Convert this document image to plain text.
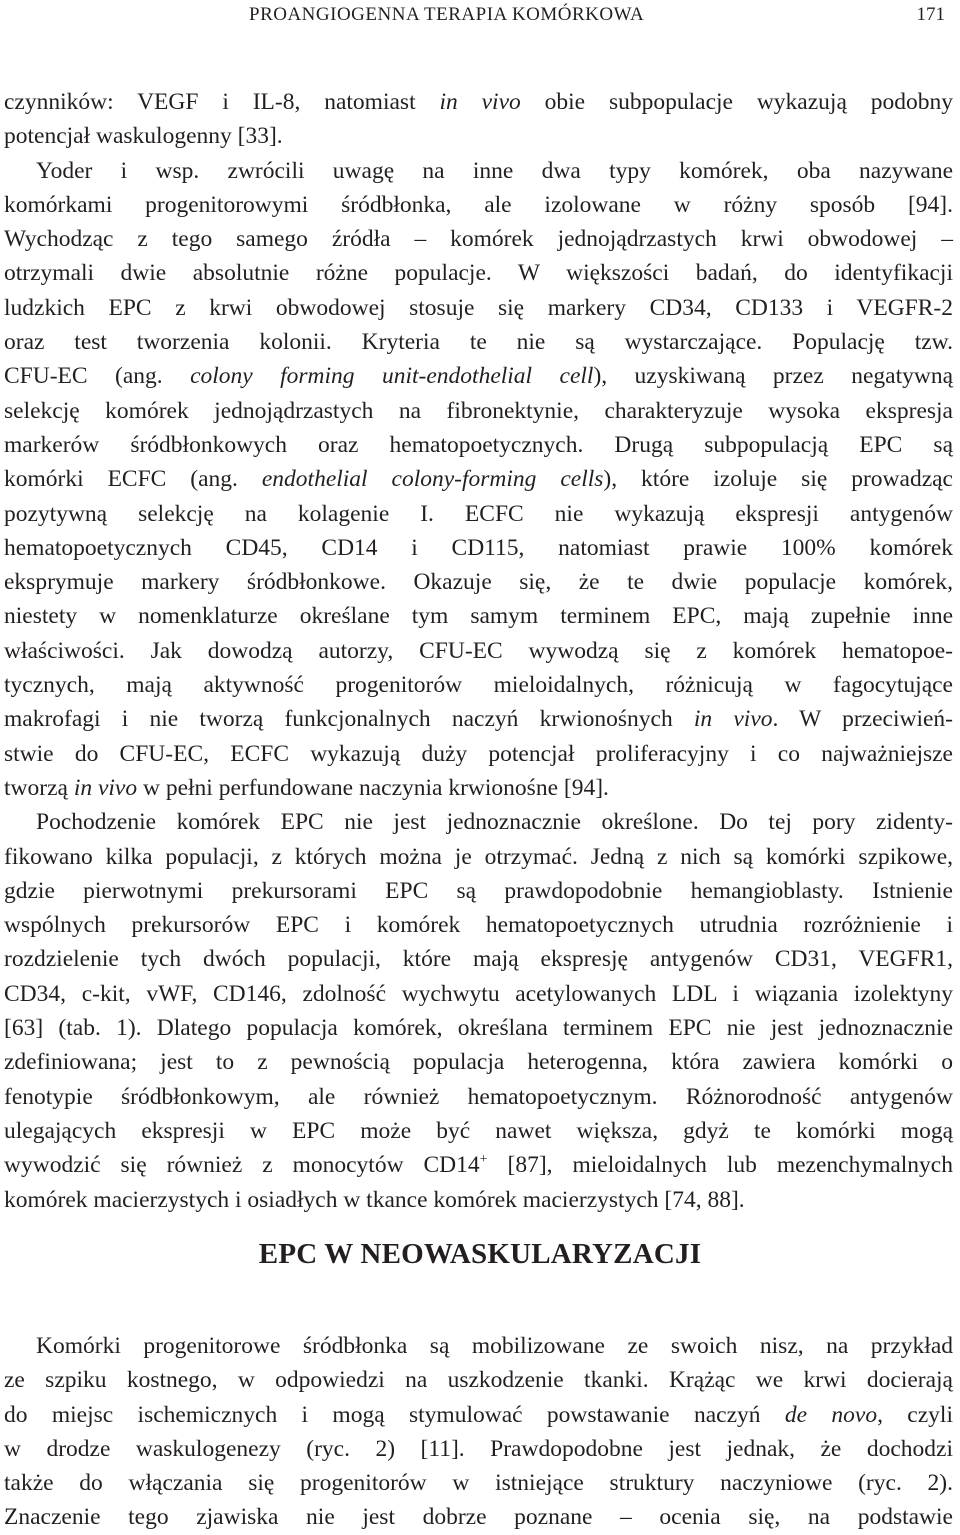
PROANGIOGENNA TERAPIA KOMÓRKOWA	171
czynników: VEGF i IL-8, natomiast in vivo obie subpopulacje wykazują podobny
potencjał waskulogenny [33].
Yoder i wsp. zwrócili uwagę na inne dwa typy komórek, oba nazywane
komórkami progenitorowymi śródbłonka, ale izolowane w różny sposób [94].
Wychodząc z tego samego źródła – komórek jednojądrzastych krwi obwodowej –
otrzymali dwie absolutnie różne populacje. W większości badań, do identyfikacji
ludzkich EPC z krwi obwodowej stosuje się markery CD34, CD133 i VEGFR-2
oraz test tworzenia kolonii. Kryteria te nie są wystarczające. Populację tzw.
CFU-EC (ang. colony forming unit-endothelial cell), uzyskiwaną przez negatywną
selekcję komórek jednojądrzastych na fibronektynie, charakteryzuje wysoka ekspresja
markerów śródbłonkowych oraz hematopoetycznych. Drugą subpopulacją EPC są
komórki ECFC (ang. endothelial colony-forming cells), które izoluje się prowadząc
pozytywną selekcję na kolagenie I. ECFC nie wykazują ekspresji antygenów
hematopoetycznych CD45, CD14 i CD115, natomiast prawie 100% komórek
eksprymuje markery śródbłonkowe. Okazuje się, że te dwie populacje komórek,
niestety w nomenklaturze określane tym samym terminem EPC, mają zupełnie inne
właściwości. Jak dowodzą autorzy, CFU-EC wywodzą się z komórek hematopoe-
tycznych, mają aktywność progenitorów mieloidalnych, różnicują w fagocytujące
makrofagi i nie tworzą funkcjonalnych naczyń krwionośnych in vivo. W przeciwień-
stwie do CFU-EC, ECFC wykazują duży potencjał proliferacyjny i co najważniejsze
tworzą in vivo w pełni perfundowane naczynia krwionośne [94].
Pochodzenie komórek EPC nie jest jednoznacznie określone. Do tej pory zidenty-
fikowano kilka populacji, z których można je otrzymać. Jedną z nich są komórki szpikowe,
gdzie pierwotnymi prekursorami EPC są prawdopodobnie hemangioblasty. Istnienie
wspólnych prekursorów EPC i komórek hematopoetycznych utrudnia rozróżnienie i
rozdzielenie tych dwóch populacji, które mają ekspresję antygenów CD31, VEGFR1,
CD34, c-kit, vWF, CD146, zdolność wychwytu acetylowanych LDL i wiązania izolektyny
[63] (tab. 1). Dlatego populacja komórek, określana terminem EPC nie jest jednoznacznie
zdefiniowana; jest to z pewnością populacja heterogenna, która zawiera komórki o
fenotypie śródbłonkowym, ale również hematopoetycznym. Różnorodność antygenów
ulegających ekspresji w EPC może być nawet większa, gdyż te komórki mogą
wywodzić się również z monocytów CD14+ [87], mieloidalnych lub mezenchymalnych
komórek macierzystych i osiadłych w tkance komórek macierzystych [74, 88].
EPC W NEOWASKULARYZACJI
Komórki progenitorowe śródbłonka są mobilizowane ze swoich nisz, na przykład
ze szpiku kostnego, w odpowiedzi na uszkodzenie tkanki. Krążąc we krwi docierają
do miejsc ischemicznych i mogą stymulować powstawanie naczyń de novo, czyli
w drodze waskulogenezy (ryc. 2) [11]. Prawdopodobne jest jednak, że dochodzi
także do włączania się progenitorów w istniejące struktury naczyniowe (ryc. 2).
Znaczenie tego zjawiska nie jest dobrze poznane – ocenia się, na podstawie
